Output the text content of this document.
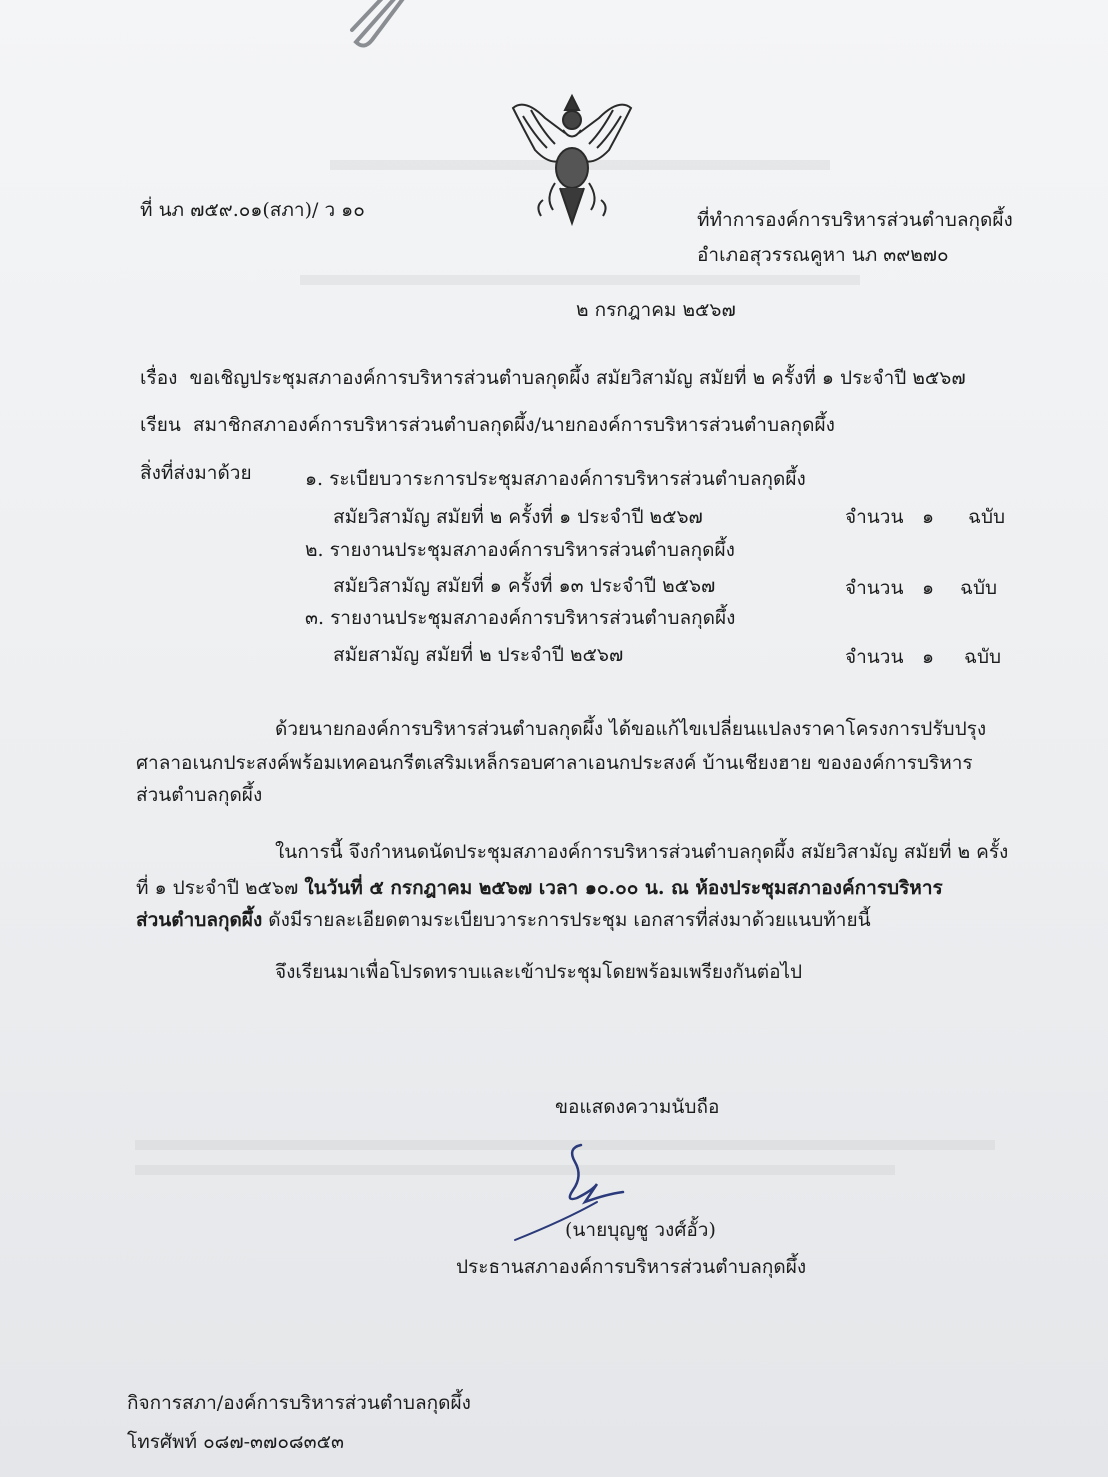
ที่ นภ ๗๕๙.๐๑(สภา)/ ว ๑๐	ที่ทำการองค์การบริหารส่วนตำบลกุดผึ้ง
อำเภอสุวรรณคูหา นภ ๓๙๒๗๐
๒ กรกฎาคม ๒๕๖๗
เรื่อง ขอเชิญประชุมสภาองค์การบริหารส่วนตำบลกุดผึ้ง สมัยวิสามัญ สมัยที่ ๒ ครั้งที่ ๑ ประจำปี ๒๕๖๗
เรียน สมาชิกสภาองค์การบริหารส่วนตำบลกุดผึ้ง/นายกองค์การบริหารส่วนตำบลกุดผึ้ง
สิ่งที่ส่งมาด้วย	๑. ระเบียบวาระการประชุมสภาองค์การบริหารส่วนตำบลกุดผึ้ง
สมัยวิสามัญ สมัยที่ ๒ ครั้งที่ ๑ ประจำปี ๒๕๖๗	จำนวน ๑ ฉบับ
๒. รายงานประชุมสภาองค์การบริหารส่วนตำบลกุดผึ้ง
สมัยวิสามัญ สมัยที่ ๑ ครั้งที่ ๑๓ ประจำปี ๒๕๖๗	จำนวน ๑ ฉบับ
๓. รายงานประชุมสภาองค์การบริหารส่วนตำบลกุดผึ้ง
สมัยสามัญ สมัยที่ ๒ ประจำปี ๒๕๖๗	จำนวน ๑ ฉบับ
ด้วยนายกองค์การบริหารส่วนตำบลกุดผึ้ง ได้ขอแก้ไขเปลี่ยนแปลงราคาโครงการปรับปรุง
ศาลาอเนกประสงค์พร้อมเทคอนกรีตเสริมเหล็กรอบศาลาเอนกประสงค์ บ้านเชียงฮาย ขององค์การบริหาร
ส่วนตำบลกุดผึ้ง
ในการนี้ จึงกำหนดนัดประชุมสภาองค์การบริหารส่วนตำบลกุดผึ้ง สมัยวิสามัญ สมัยที่ ๒ ครั้ง
ที่ ๑ ประจำปี ๒๕๖๗ ในวันที่ ๕ กรกฎาคม ๒๕๖๗ เวลา ๑๐.๐๐ น. ณ ห้องประชุมสภาองค์การบริหาร
ส่วนตำบลกุดผึ้ง ดังมีรายละเอียดตามระเบียบวาระการประชุม เอกสารที่ส่งมาด้วยแนบท้ายนี้
จึงเรียนมาเพื่อโปรดทราบและเข้าประชุมโดยพร้อมเพรียงกันต่อไป
ขอแสดงความนับถือ
(นายบุญชู วงศ์อั้ว)
ประธานสภาองค์การบริหารส่วนตำบลกุดผึ้ง
กิจการสภา/องค์การบริหารส่วนตำบลกุดผึ้ง
โทรศัพท์ ๐๘๗-๓๗๐๘๓๕๓
